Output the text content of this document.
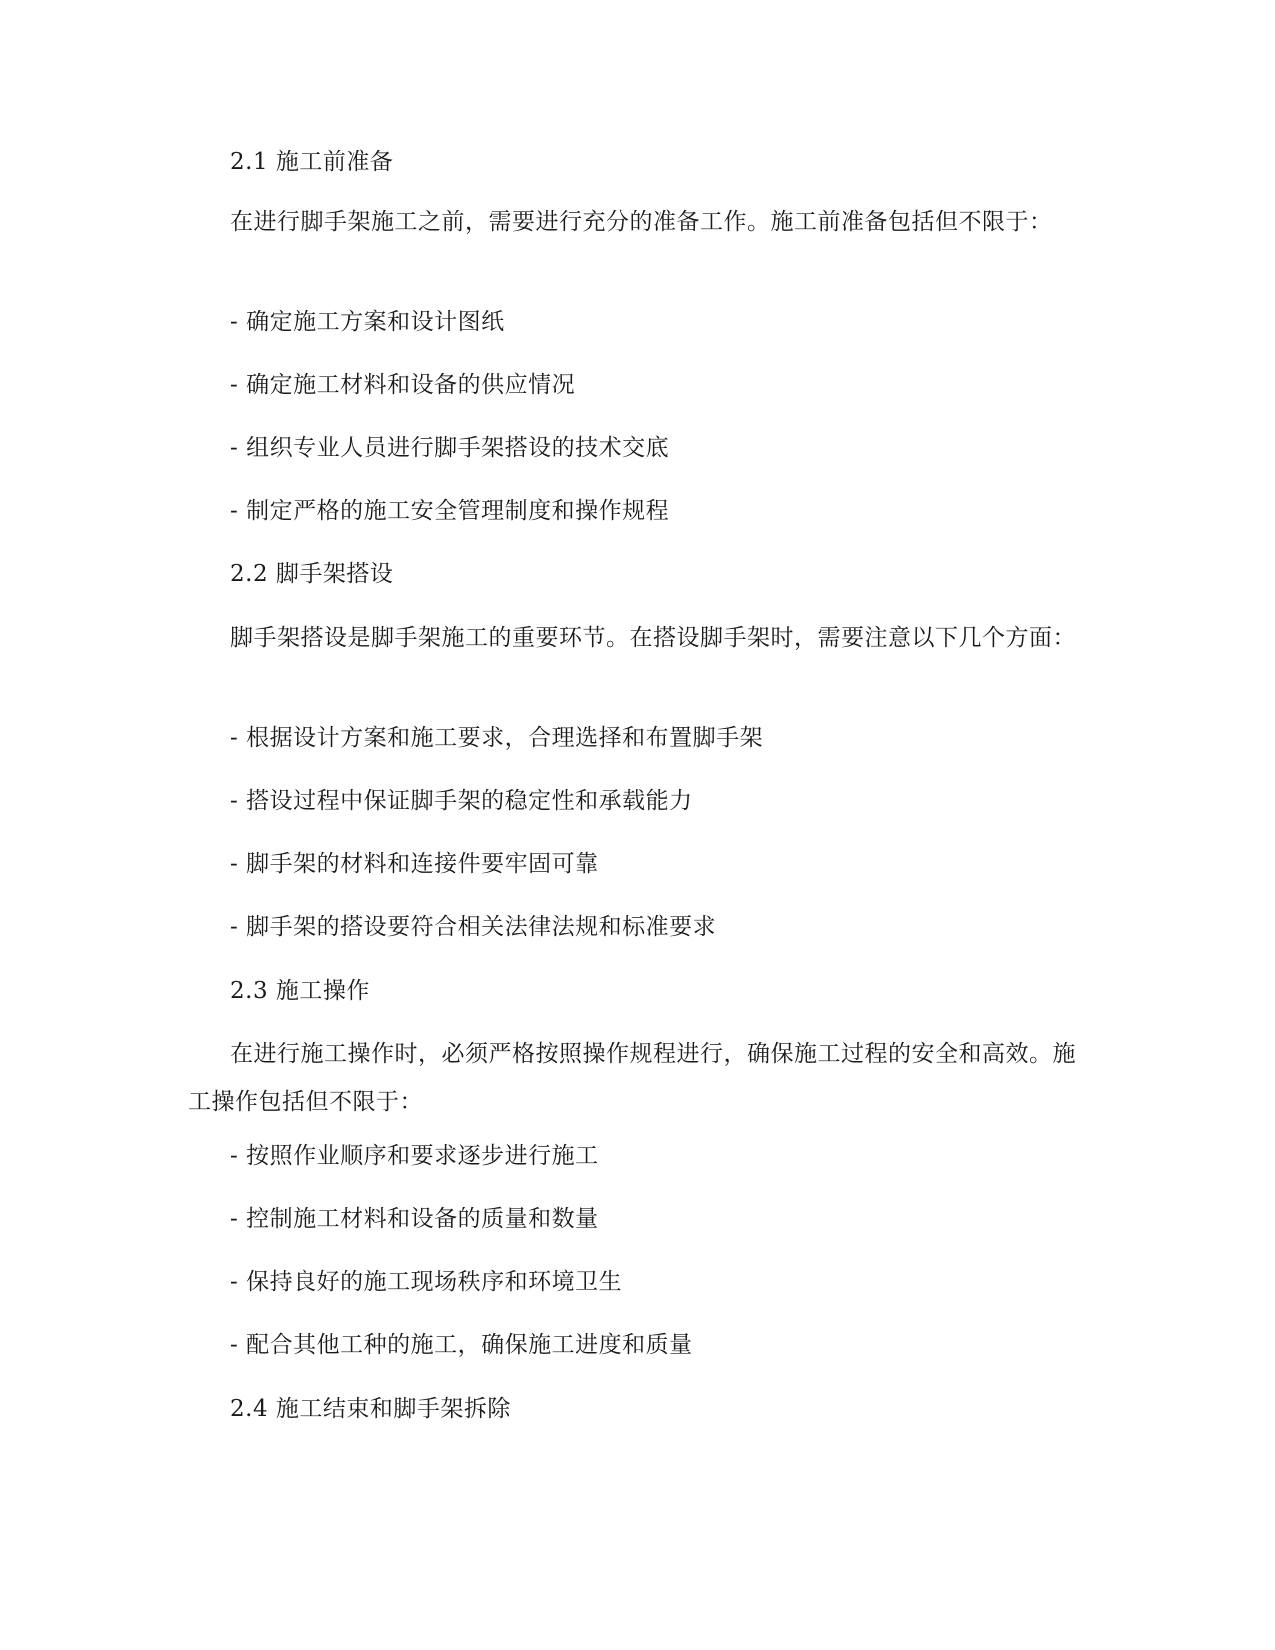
2.1 施工前准备
在进行脚手架施工之前，需要进行充分的准备工作。施工前准备包括但不限于：
- 确定施工方案和设计图纸
- 确定施工材料和设备的供应情况
- 组织专业人员进行脚手架搭设的技术交底
- 制定严格的施工安全管理制度和操作规程
2.2 脚手架搭设
脚手架搭设是脚手架施工的重要环节。在搭设脚手架时，需要注意以下几个方面：
- 根据设计方案和施工要求，合理选择和布置脚手架
- 搭设过程中保证脚手架的稳定性和承载能力
- 脚手架的材料和连接件要牢固可靠
- 脚手架的搭设要符合相关法律法规和标准要求
2.3 施工操作
在进行施工操作时，必须严格按照操作规程进行，确保施工过程的安全和高效。施工操作包括但不限于：
- 按照作业顺序和要求逐步进行施工
- 控制施工材料和设备的质量和数量
- 保持良好的施工现场秩序和环境卫生
- 配合其他工种的施工，确保施工进度和质量
2.4 施工结束和脚手架拆除
